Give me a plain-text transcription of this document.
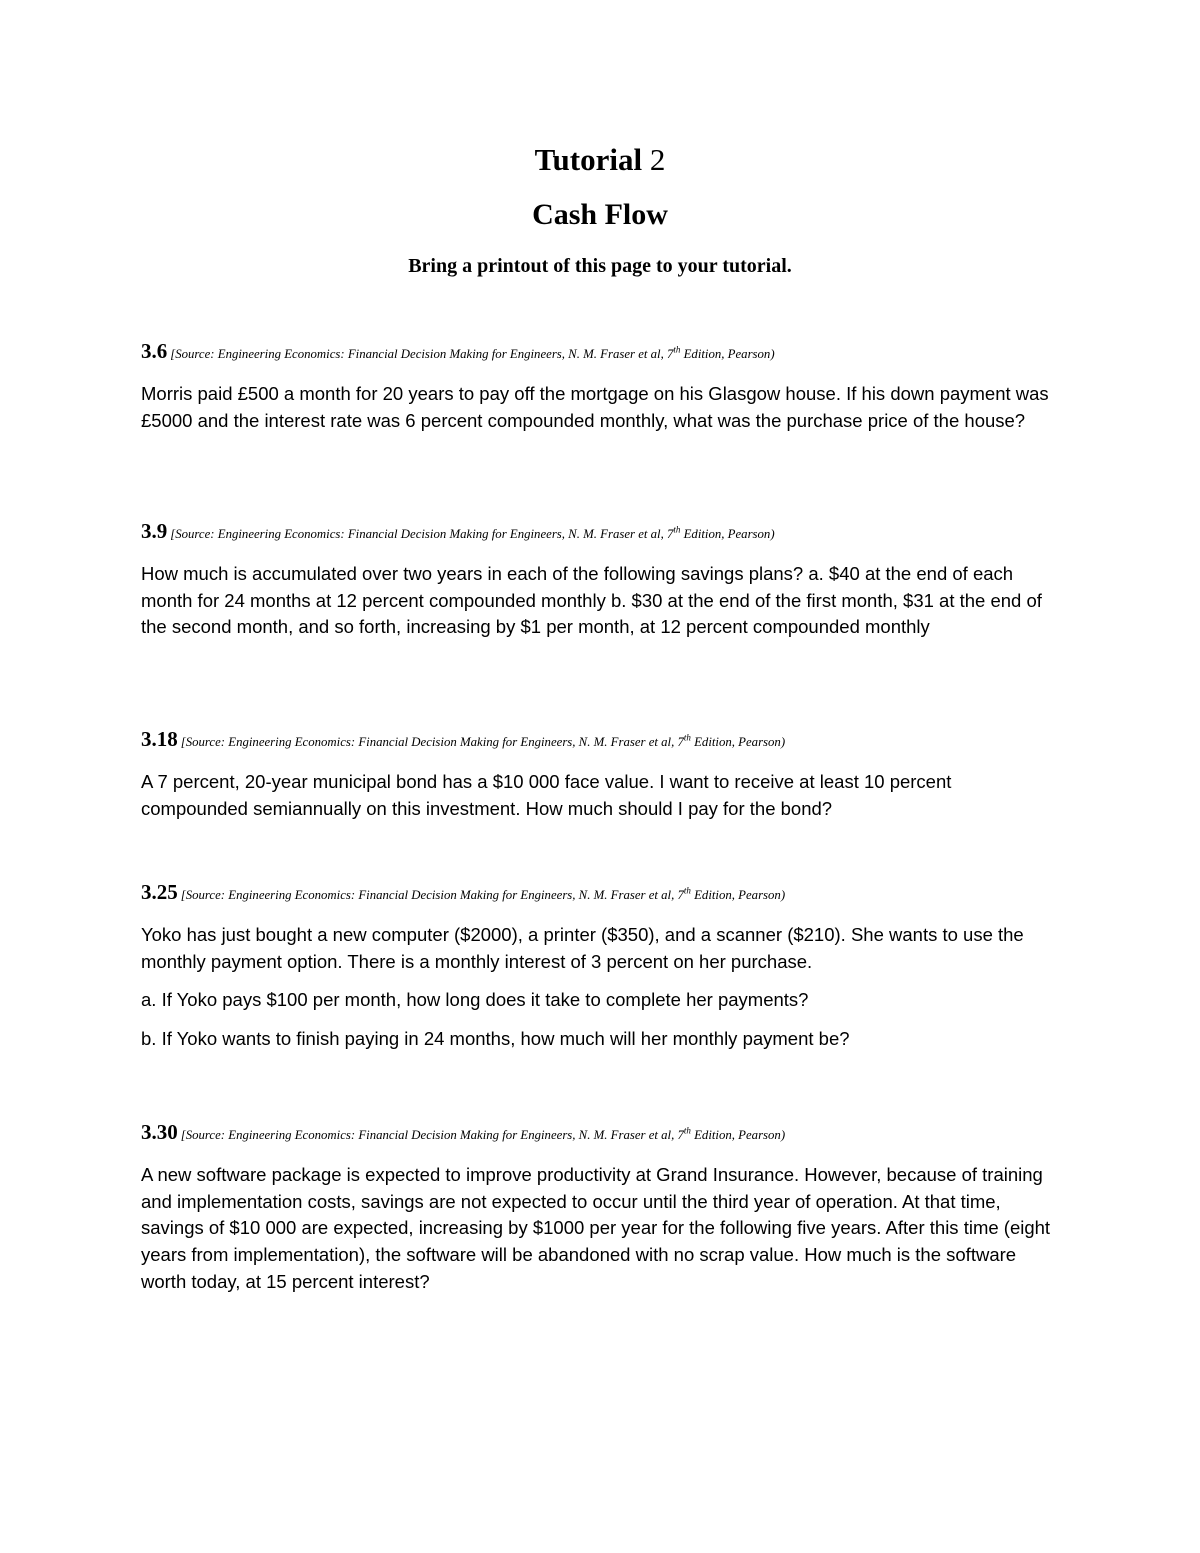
Tutorial 2
Cash Flow
Bring a printout of this page to your tutorial.
3.6 [Source: Engineering Economics: Financial Decision Making for Engineers, N. M. Fraser et al, 7th Edition, Pearson)

Morris paid £500 a month for 20 years to pay off the mortgage on his Glasgow house. If his down payment was £5000 and the interest rate was 6 percent compounded monthly, what was the purchase price of the house?

3.9 [Source: Engineering Economics: Financial Decision Making for Engineers, N. M. Fraser et al, 7th Edition, Pearson)

How much is accumulated over two years in each of the following savings plans? a. $40 at the end of each month for 24 months at 12 percent compounded monthly b. $30 at the end of the first month, $31 at the end of the second month, and so forth, increasing by $1 per month, at 12 percent compounded monthly

3.18 [Source: Engineering Economics: Financial Decision Making for Engineers, N. M. Fraser et al, 7th Edition, Pearson)

A 7 percent, 20-year municipal bond has a $10 000 face value. I want to receive at least 10 percent compounded semiannually on this investment. How much should I pay for the bond?

3.25 [Source: Engineering Economics: Financial Decision Making for Engineers, N. M. Fraser et al, 7th Edition, Pearson)

Yoko has just bought a new computer ($2000), a printer ($350), and a scanner ($210). She wants to use the monthly payment option. There is a monthly interest of 3 percent on her purchase.

a. If Yoko pays $100 per month, how long does it take to complete her payments?

b. If Yoko wants to finish paying in 24 months, how much will her monthly payment be?

3.30 [Source: Engineering Economics: Financial Decision Making for Engineers, N. M. Fraser et al, 7th Edition, Pearson)

A new software package is expected to improve productivity at Grand Insurance. However, because of training and implementation costs, savings are not expected to occur until the third year of operation. At that time, savings of $10 000 are expected, increasing by $1000 per year for the following five years. After this time (eight years from implementation), the software will be abandoned with no scrap value. How much is the software worth today, at 15 percent interest?
